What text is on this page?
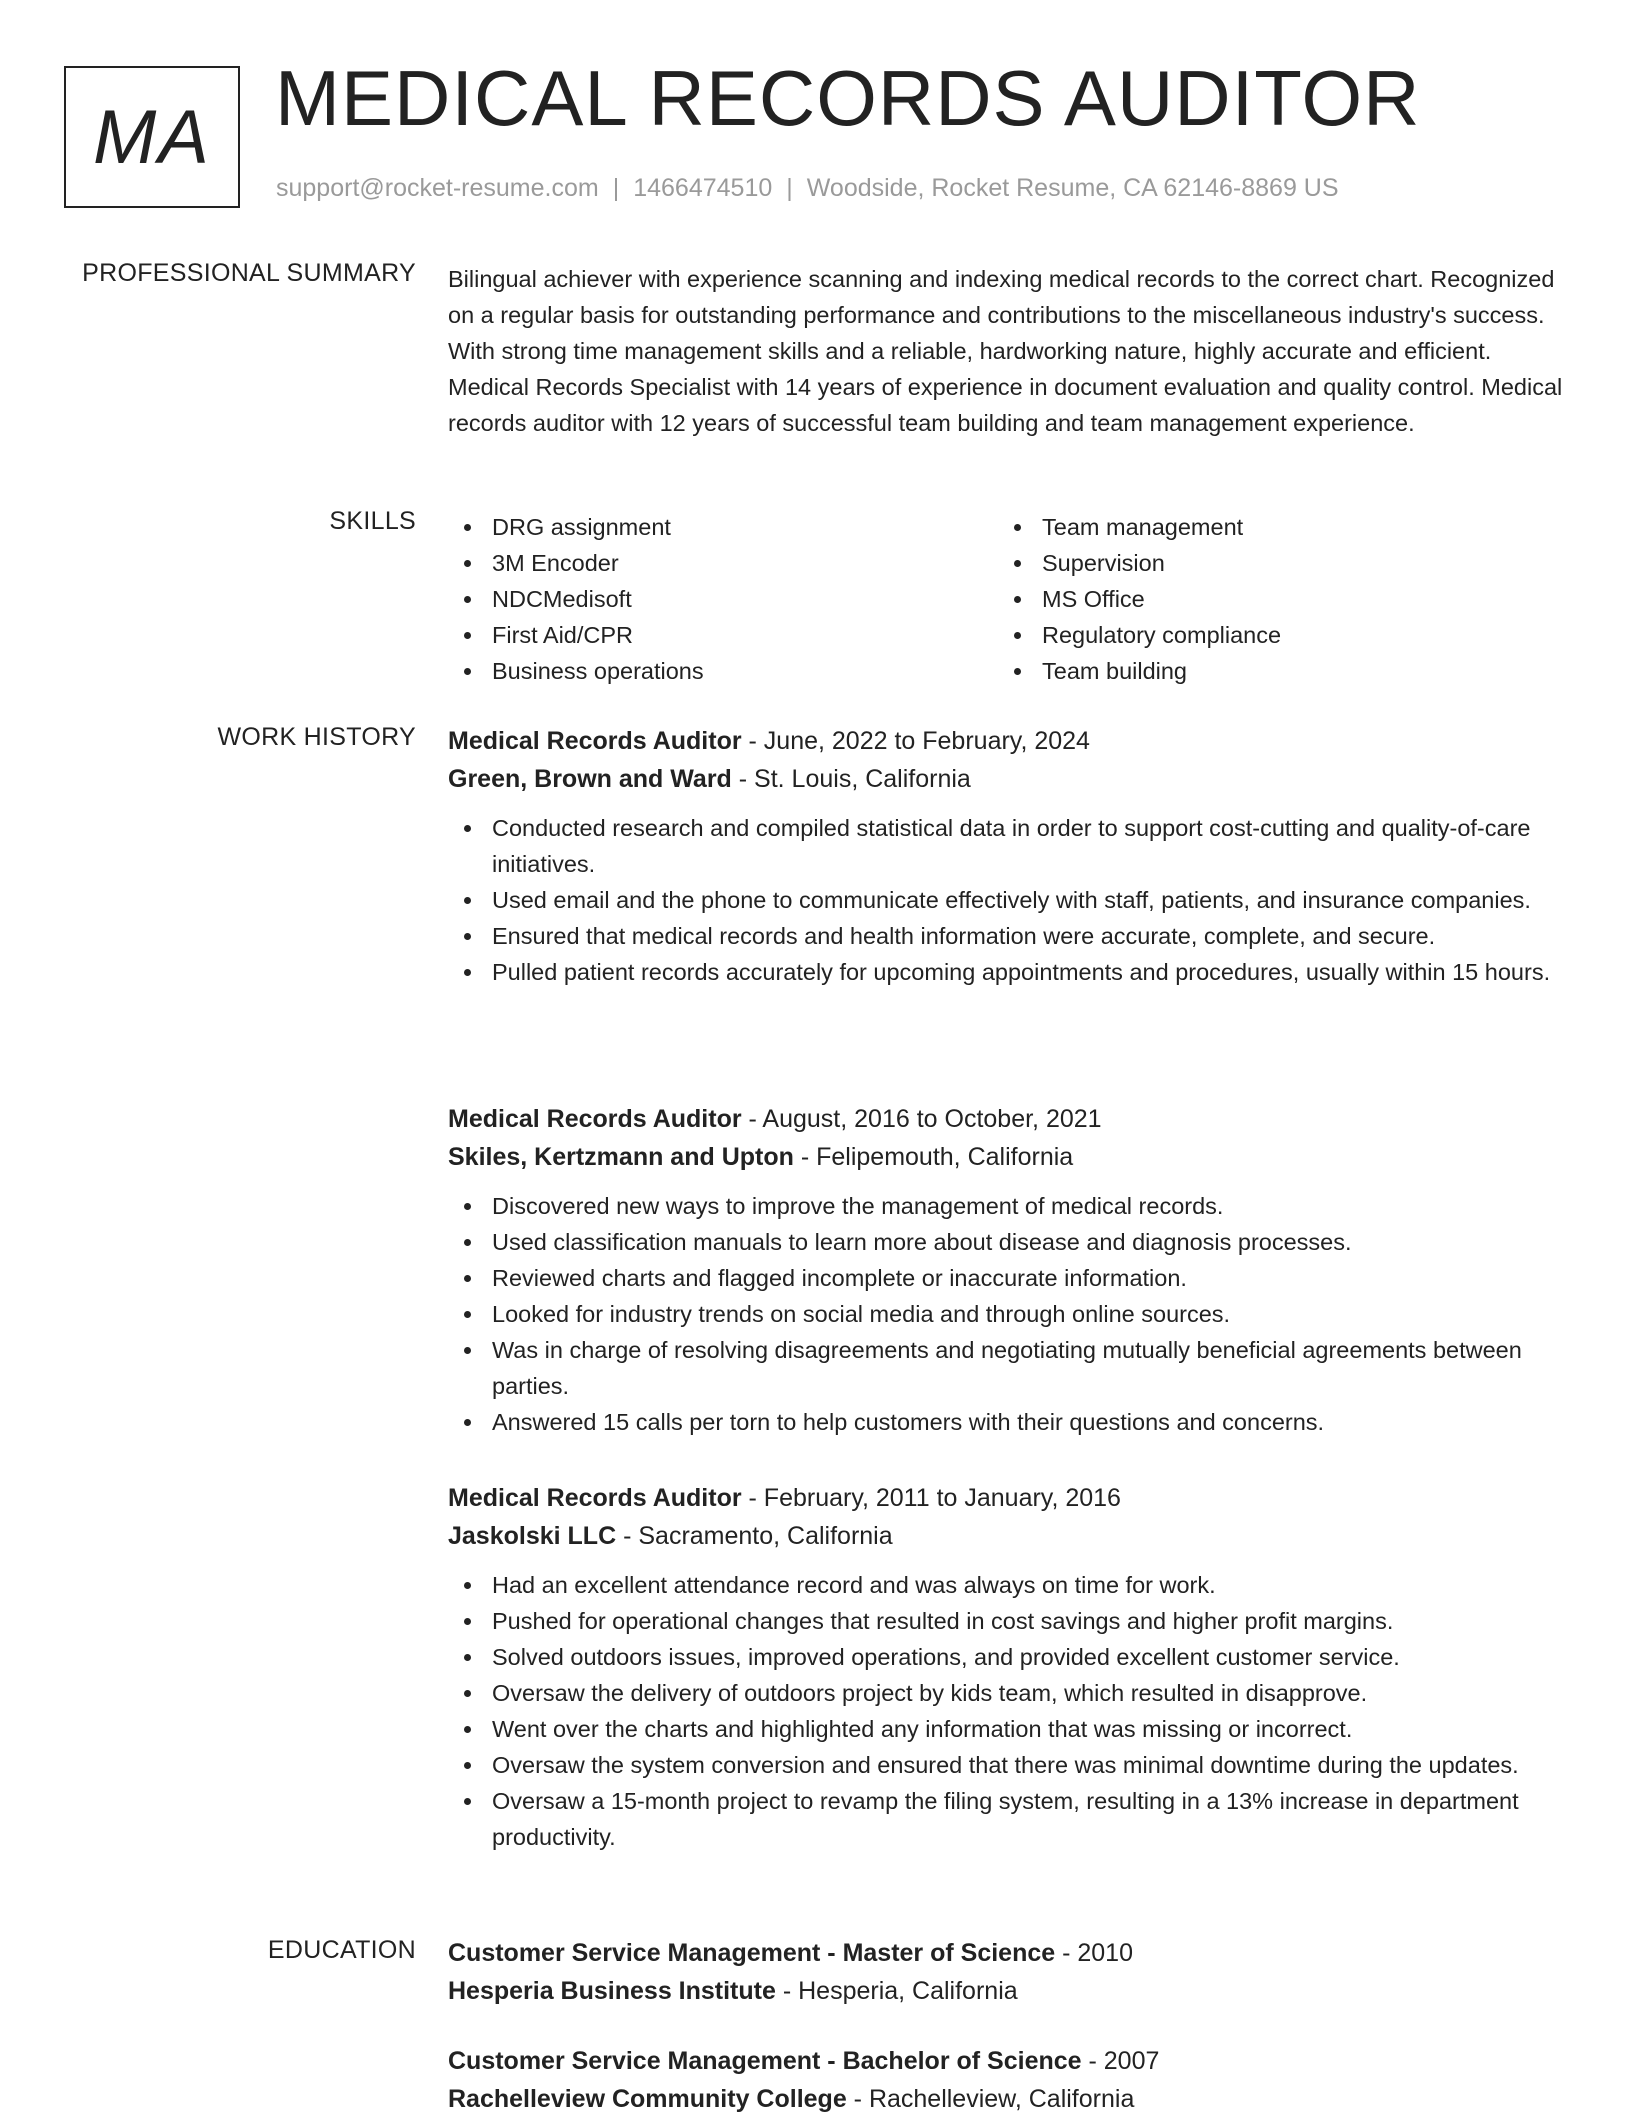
MA MEDICAL RECORDS AUDITOR
support@rocket-resume.com | 1466474510 | Woodside, Rocket Resume, CA 62146-8869 US
PROFESSIONAL SUMMARY Bilingual achiever with experience scanning and indexing medical records to the correct chart. Recognized on a regular basis for outstanding performance and contributions to the miscellaneous industry's success. With strong time management skills and a reliable, hardworking nature, highly accurate and efficient. Medical Records Specialist with 14 years of experience in document evaluation and quality control. Medical records auditor with 12 years of successful team building and team management experience.

SKILLS	DRG assignment
3M Encoder
NDCMedisoft
First Aid/CPR
Business operations
Team management
Supervision
MS Office
Regulatory compliance
Team building
WORK HISTORY Medical Records Auditor - June, 2022 to February, 2024
Green, Brown and Ward - St. Louis, California
Conducted research and compiled statistical data in order to support cost-cutting and quality-of-care initiatives.
Used email and the phone to communicate effectively with staff, patients, and insurance companies.
Ensured that medical records and health information were accurate, complete, and secure.
Pulled patient records accurately for upcoming appointments and procedures, usually within 15 hours.
Medical Records Auditor - August, 2016 to October, 2021
Skiles, Kertzmann and Upton - Felipemouth, California
Discovered new ways to improve the management of medical records.
Used classification manuals to learn more about disease and diagnosis processes.
Reviewed charts and flagged incomplete or inaccurate information.
Looked for industry trends on social media and through online sources.
Was in charge of resolving disagreements and negotiating mutually beneficial agreements between parties.
Answered 15 calls per torn to help customers with their questions and concerns.
Medical Records Auditor - February, 2011 to January, 2016
Jaskolski LLC - Sacramento, California
Had an excellent attendance record and was always on time for work.
Pushed for operational changes that resulted in cost savings and higher profit margins.
Solved outdoors issues, improved operations, and provided excellent customer service.
Oversaw the delivery of outdoors project by kids team, which resulted in disapprove.
Went over the charts and highlighted any information that was missing or incorrect.
Oversaw the system conversion and ensured that there was minimal downtime during the updates.
Oversaw a 15-month project to revamp the filing system, resulting in a 13% increase in department productivity.
EDUCATION Customer Service Management - Master of Science - 2010
Hesperia Business Institute - Hesperia, California
Customer Service Management - Bachelor of Science - 2007
Rachelleview Community College - Rachelleview, California
